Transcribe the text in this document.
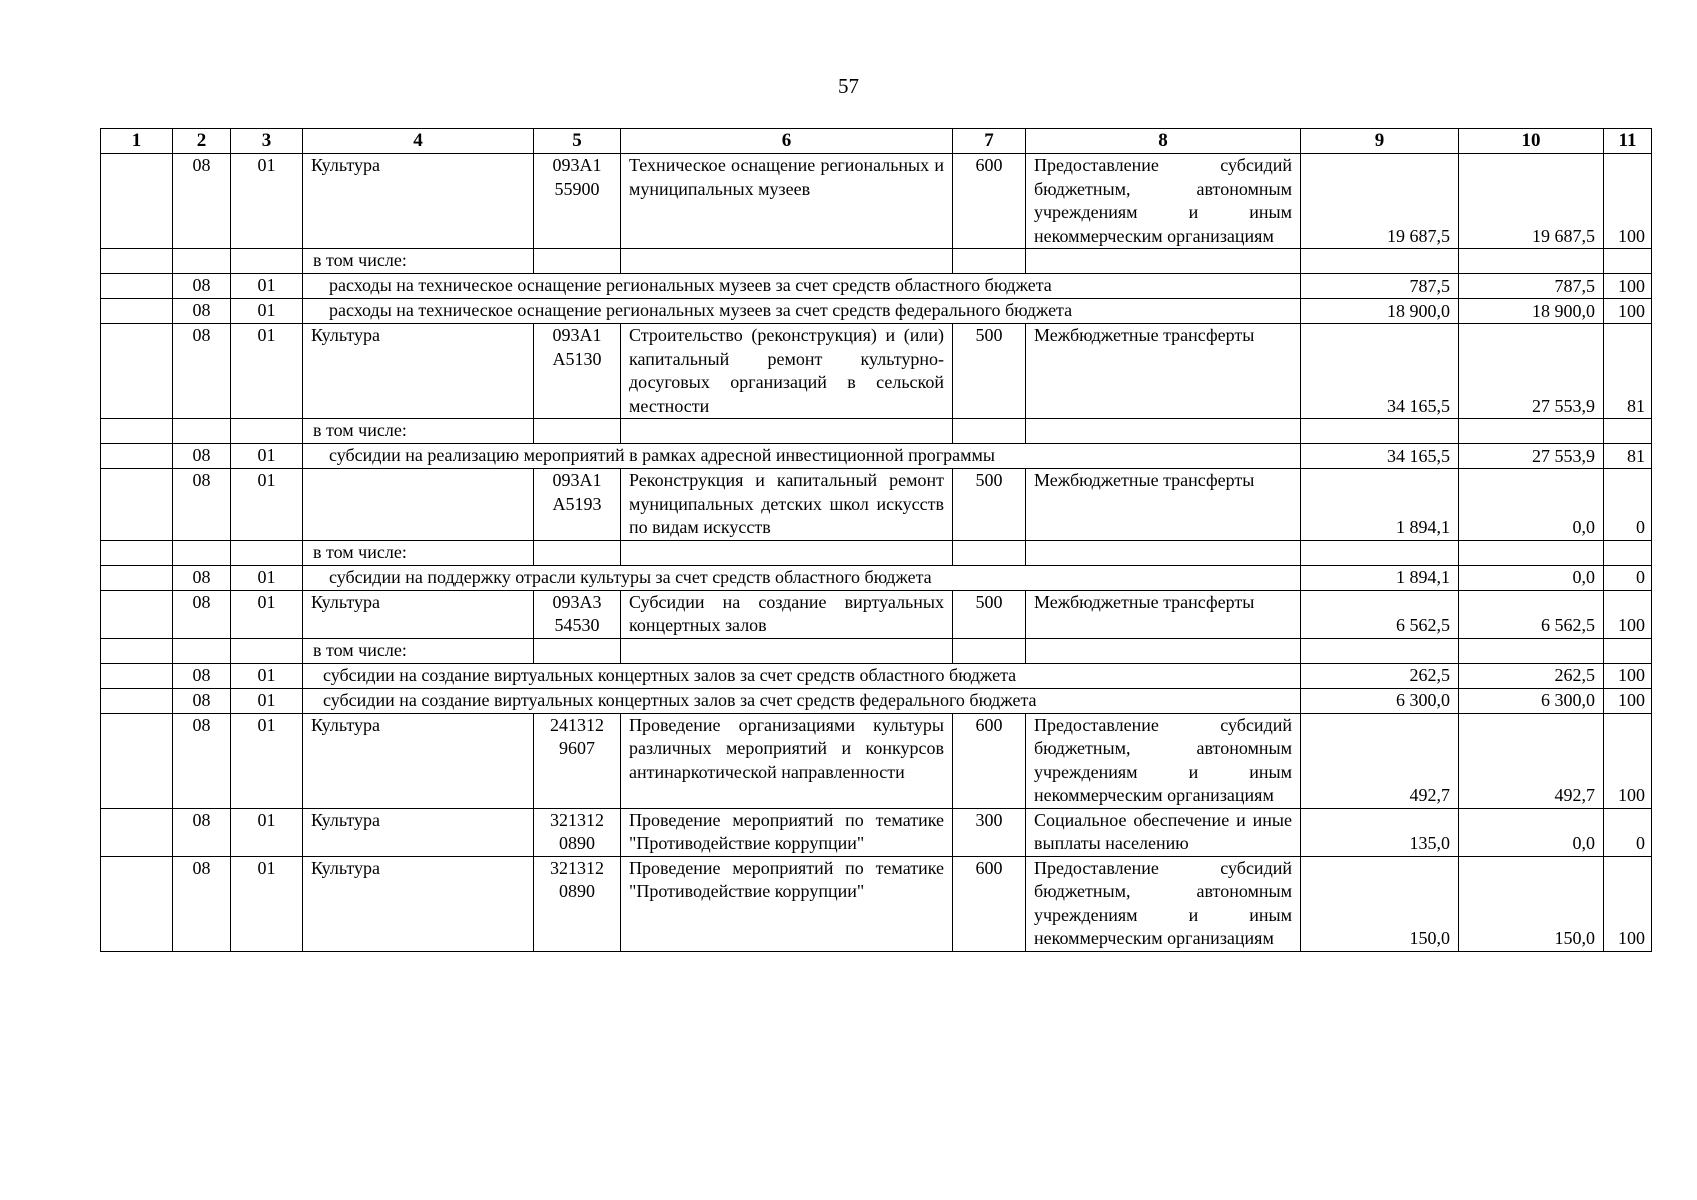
57
1	2	3	4	5	6	7	8	9	10	11
	08	01	Культура	093А1 55900	Техническое оснащение региональных и муниципальных музеев	600	Предоставление субсидий бюджетным, автономным учреждениям и иным некоммерческим организациям	19 687,5	19 687,5	100
			в том числе:							
	08	01	расходы на техническое оснащение региональных музеев за счет средств областного бюджета					787,5	787,5	100
	08	01	расходы на техническое оснащение региональных музеев за счет средств федерального бюджета					18 900,0	18 900,0	100
	08	01	Культура	093А1 А5130	Строительство (реконструкция) и (или) капитальный ремонт культурно-досуговых организаций в сельской местности	500	Межбюджетные трансферты	34 165,5	27 553,9	81
			в том числе:							
	08	01	субсидии на реализацию мероприятий в рамках адресной инвестиционной программы					34 165,5	27 553,9	81
	08	01		093А1 А5193	Реконструкция и капитальный ремонт муниципальных детских школ искусств по видам искусств	500	Межбюджетные трансферты	1 894,1	0,0	0
			в том числе:							
	08	01	субсидии на поддержку отрасли культуры за счет средств областного бюджета					1 894,1	0,0	0
	08	01	Культура	093А3 54530	Субсидии на создание виртуальных концертных залов	500	Межбюджетные трансферты	6 562,5	6 562,5	100
			в том числе:							
	08	01	субсидии на создание виртуальных концертных залов за счет средств областного бюджета					262,5	262,5	100
	08	01	субсидии на создание виртуальных концертных залов за счет средств федерального бюджета					6 300,0	6 300,0	100
	08	01	Культура	241312 9607	Проведение организациями культуры различных мероприятий и конкурсов антинаркотической направленности	600	Предоставление субсидий бюджетным, автономным учреждениям и иным некоммерческим организациям	492,7	492,7	100
	08	01	Культура	321312 0890	Проведение мероприятий по тематике "Противодействие коррупции"	300	Социальное обеспечение и иные выплаты населению	135,0	0,0	0
	08	01	Культура	321312 0890	Проведение мероприятий по тематике "Противодействие коррупции"	600	Предоставление субсидий бюджетным, автономным учреждениям и иным некоммерческим организациям	150,0	150,0	100
